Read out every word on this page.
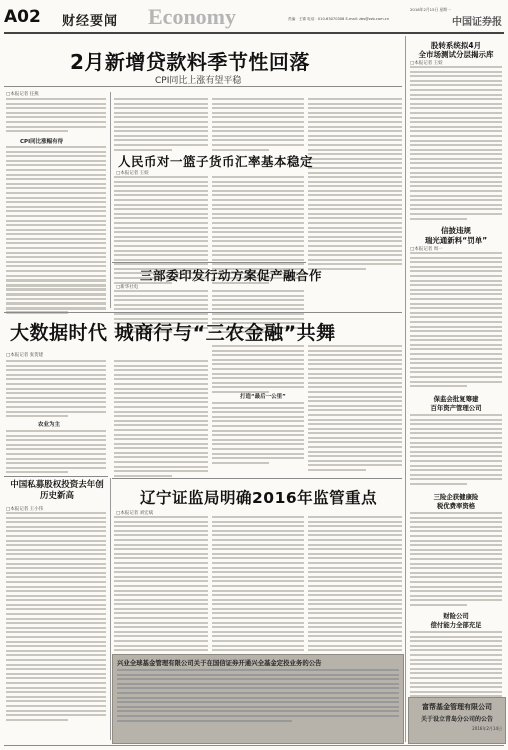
A02 财经要闻 Economy	2016年2月15日 星期一
责编：王锦 电话：010-63070308 E-mail: zbs@zzb.com.cn	中国证券报
股转系统拟4月
全市场测试分层揭示库
□本报记者 王姣
信披违规
瑞光通新料“罚单”
□本报记者 周一
保监会批复筹建
百年资产管理公司
三险企获健康险
税优费率资格
财险公司
偿付能力全部充足
2月新增贷款料季节性回落
CPI同比上涨有望平稳
□本报记者 任燕
CPI同比涨幅有待
人民币对一篮子货币汇率基本稳定
□本报记者 王姣
三部委印发行动方案促产融合作
□新华社电
大数据时代 城商行与“三农金融”共舞
□本报记者 张贺建
农业为主
打造“最后一公里”
中国私募股权投资去年创历史新高
□本报记者 王小伟
辽宁证监局明确2016年监管重点
□本报记者 刘宏斌
兴业全球基金管理有限公司关于在国信证券开通兴全基金定投业务的公告
富帮基金管理有限公司
关于设立青岛分公司的公告
2016年2月14日
